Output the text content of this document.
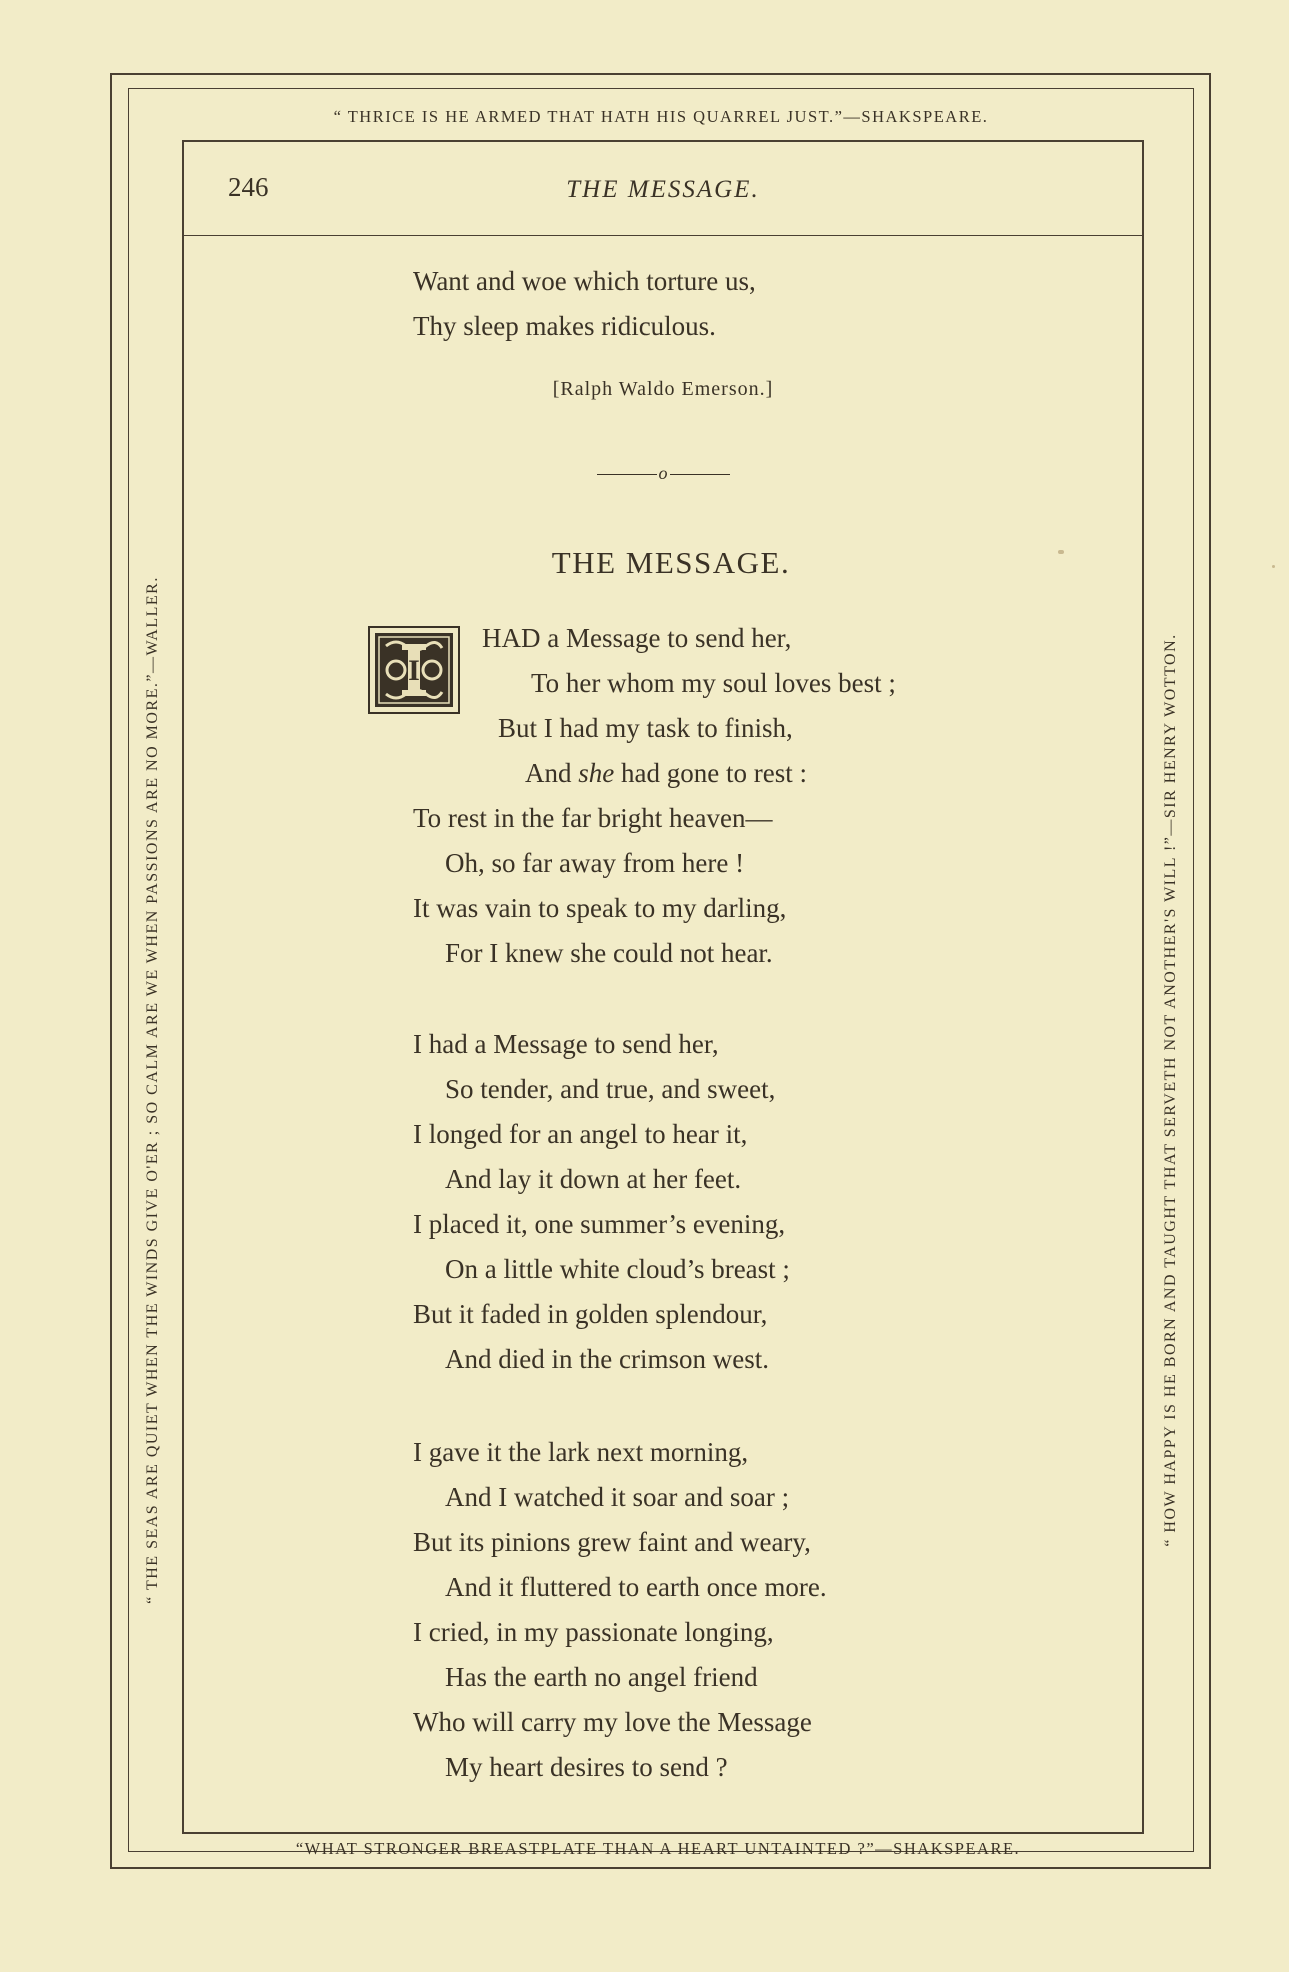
“ THRICE IS HE ARMED THAT HATH HIS QUARREL JUST.”—SHAKSPEARE.
“WHAT STRONGER BREASTPLATE THAN A HEART UNTAINTED ?”—SHAKSPEARE.
“ THE SEAS ARE QUIET WHEN THE WINDS GIVE O'ER ; SO CALM ARE WE WHEN PASSIONS ARE NO MORE.”—WALLER.	“ HOW HAPPY IS HE BORN AND TAUGHT THAT SERVETH NOT ANOTHER'S WILL !”—SIR HENRY WOTTON.
246	THE MESSAGE.
Want and woe which torture us,
Thy sleep makes ridiculous.
[Ralph Waldo Emerson.]
o
THE MESSAGE.
I
HAD a Message to send her,
To her whom my soul loves best ;
But I had my task to finish,
And she had gone to rest :
To rest in the far bright heaven—
Oh, so far away from here !
It was vain to speak to my darling,
For I knew she could not hear.
I had a Message to send her,
So tender, and true, and sweet,
I longed for an angel to hear it,
And lay it down at her feet.
I placed it, one summer’s evening,
On a little white cloud’s breast ;
But it faded in golden splendour,
And died in the crimson west.
I gave it the lark next morning,
And I watched it soar and soar ;
But its pinions grew faint and weary,
And it fluttered to earth once more.
I cried, in my passionate longing,
Has the earth no angel friend
Who will carry my love the Message
My heart desires to send ?
